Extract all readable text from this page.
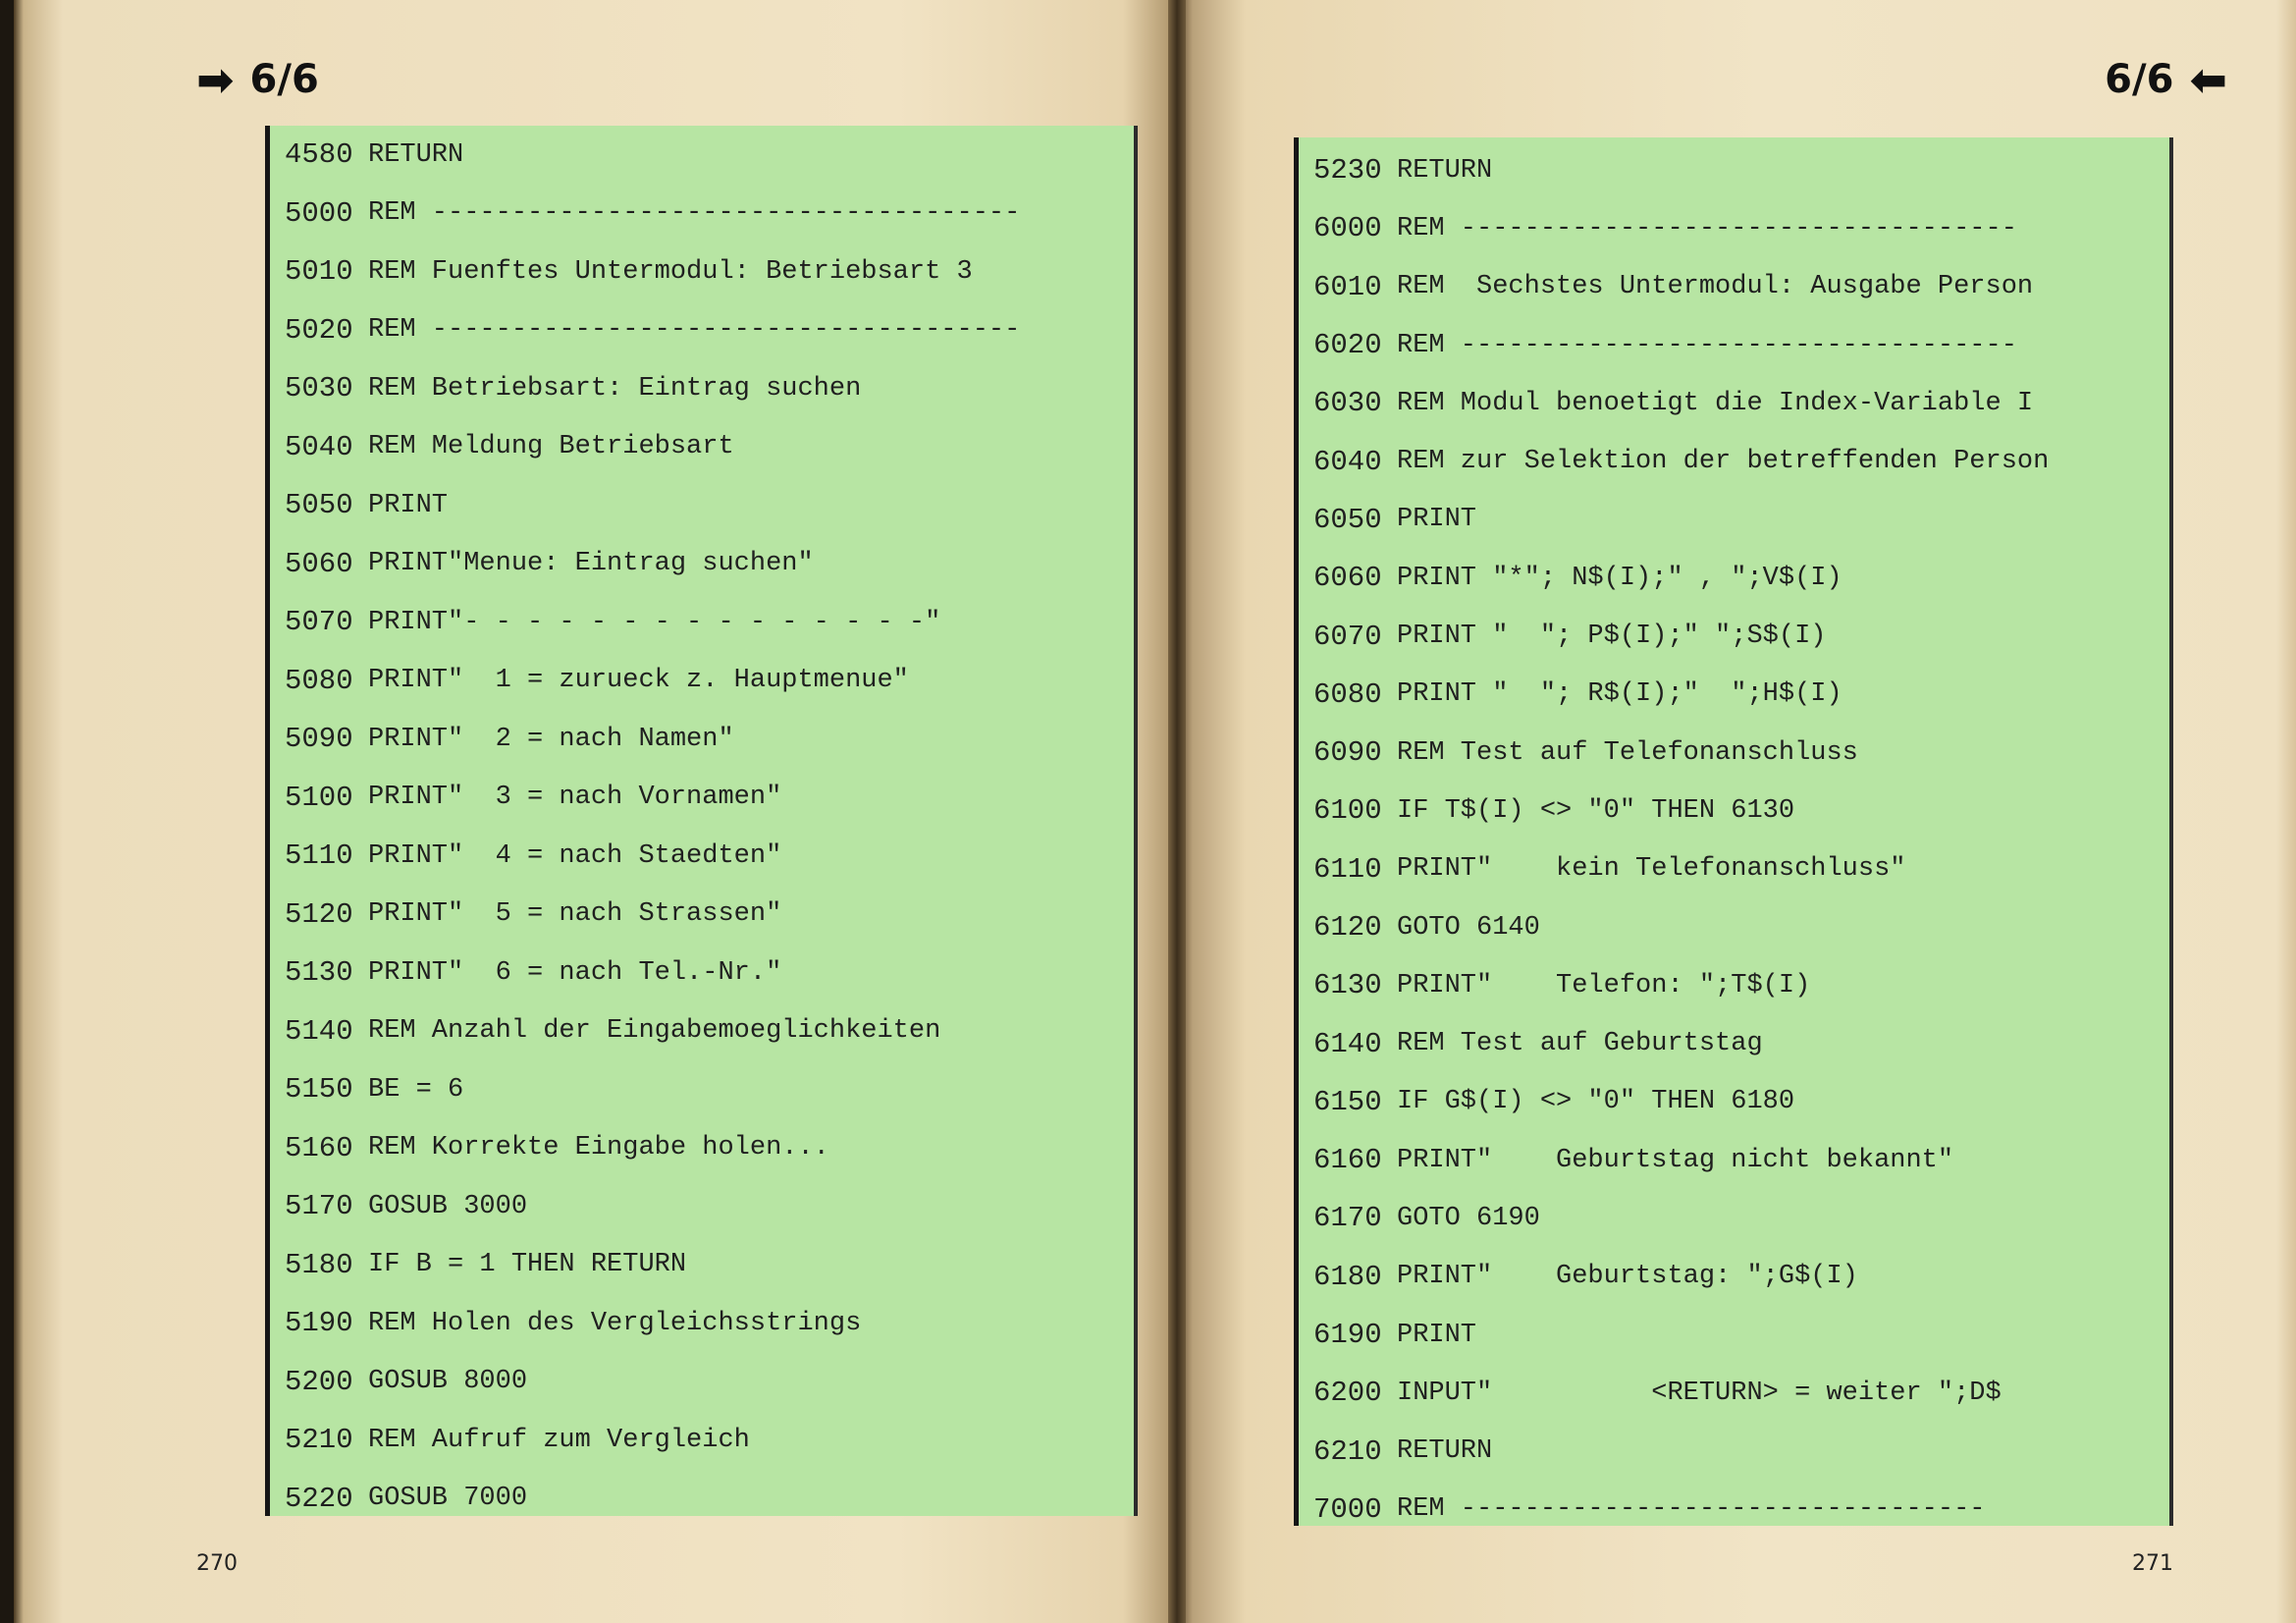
➡ 6/6	6/6 ⬅
4580 RETURN
5000 REM -------------------------------------
5010 REM Fuenftes Untermodul: Betriebsart 3
5020 REM -------------------------------------
5030 REM Betriebsart: Eintrag suchen
5040 REM Meldung Betriebsart
5050 PRINT
5060 PRINT"Menue: Eintrag suchen"
5070 PRINT"- - - - - - - - - - - - - - -"
5080 PRINT"  1 = zurueck z. Hauptmenue"
5090 PRINT"  2 = nach Namen"
5100 PRINT"  3 = nach Vornamen"
5110 PRINT"  4 = nach Staedten"
5120 PRINT"  5 = nach Strassen"
5130 PRINT"  6 = nach Tel.-Nr."
5140 REM Anzahl der Eingabemoeglichkeiten
5150 BE = 6
5160 REM Korrekte Eingabe holen...
5170 GOSUB 3000
5180 IF B = 1 THEN RETURN
5190 REM Holen des Vergleichsstrings
5200 GOSUB 8000
5210 REM Aufruf zum Vergleich
5220 GOSUB 7000
5230 RETURN
6000 REM -----------------------------------
6010 REM  Sechstes Untermodul: Ausgabe Person
6020 REM -----------------------------------
6030 REM Modul benoetigt die Index-Variable I
6040 REM zur Selektion der betreffenden Person
6050 PRINT
6060 PRINT "*"; N$(I);" , ";V$(I)
6070 PRINT "  "; P$(I);" ";S$(I)
6080 PRINT "  "; R$(I);"  ";H$(I)
6090 REM Test auf Telefonanschluss
6100 IF T$(I) <> "0" THEN 6130
6110 PRINT"    kein Telefonanschluss"
6120 GOTO 6140
6130 PRINT"    Telefon: ";T$(I)
6140 REM Test auf Geburtstag
6150 IF G$(I) <> "0" THEN 6180
6160 PRINT"    Geburtstag nicht bekannt"
6170 GOTO 6190
6180 PRINT"    Geburtstag: ";G$(I)
6190 PRINT
6200 INPUT"          <RETURN> = weiter ";D$
6210 RETURN
7000 REM ---------------------------------
270	271
